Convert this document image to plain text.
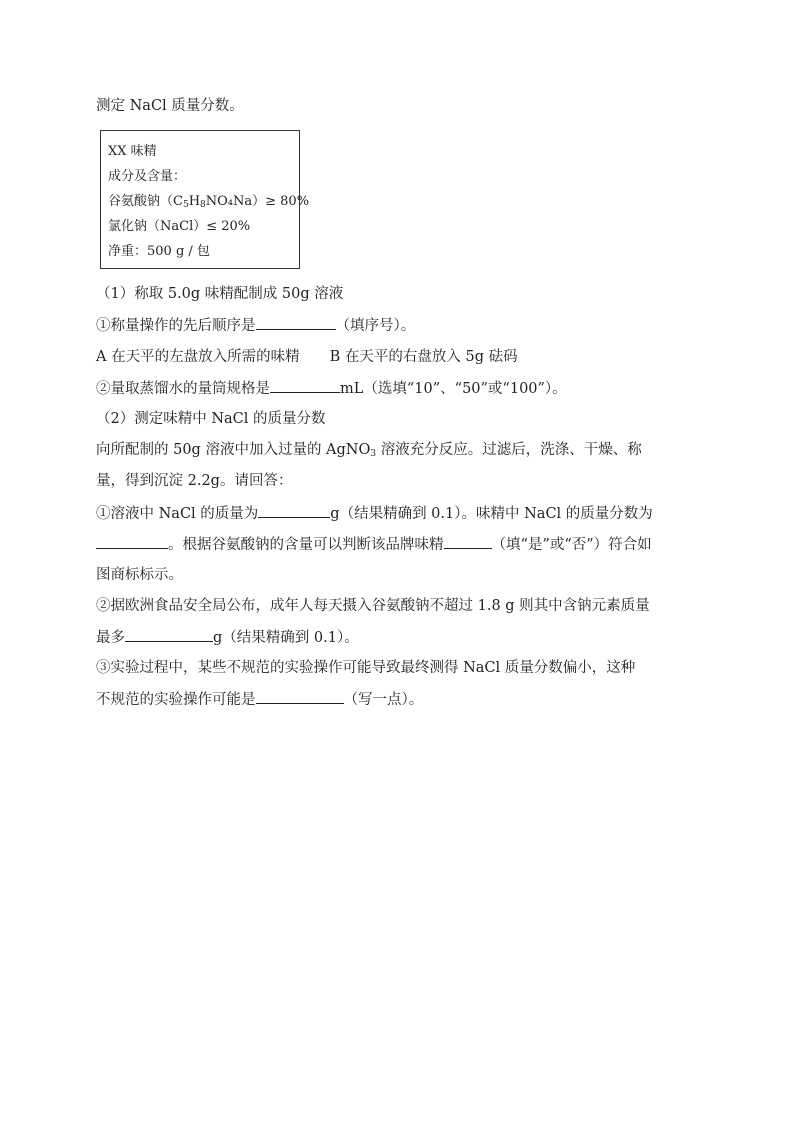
测定 NaCl 质量分数。
XX 味精
成分及含量：
谷氨酸钠$(C_5H_8NO_4Na)\ge 80\%$
氯化钠（NaCl）≤ 20%
净重：500 g / 包
（1）称取 5.0g 味精配制成 50g 溶液
①称量操作的先后顺序是	（填序号）。
A 在天平的左盘放入所需的味精 B 在天平的右盘放入 5g 砝码
②量取蒸馏水的量筒规格是	mL（选填“10”、“50”或“100”）。
（2）测定味精中 NaCl 的质量分数
向所配制的 50g 溶液中加入过量的 AgNO$_3$ 溶液充分反应。过滤后，洗涤、干燥、称
量，得到沉淀 2.2g。请回答：
①溶液中 NaCl 的质量为	g（结果精确到 0.1）。味精中 NaCl 的质量分数为
。根据谷氨酸钠的含量可以判断该品牌味精	（填“是”或“否”）符合如
图商标标示。
②据欧洲食品安全局公布，成年人每天摄入谷氨酸钠不超过 1.8 g 则其中含钠元素质量
最多	g（结果精确到 0.1）。
③实验过程中，某些不规范的实验操作可能导致最终测得 NaCl 质量分数偏小，这种
不规范的实验操作可能是	（写一点）。
